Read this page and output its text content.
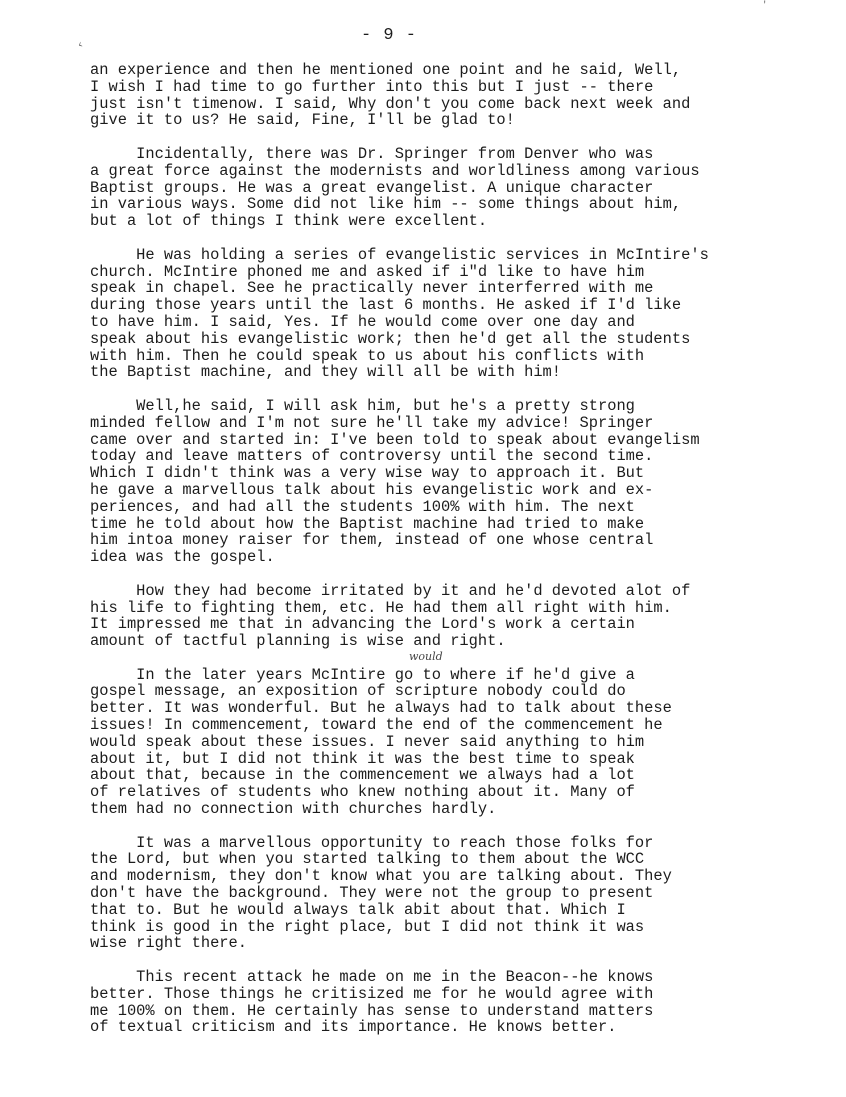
'
- 9 -
‹
would
an experience and then he mentioned one point and he said, Well,
I wish I had time to go further into this but I just -- there
just isn't timenow. I said, Why don't you come back next week and
give it to us? He said, Fine, I'll be glad to!
Incidentally, there was Dr. Springer from Denver who was
a great force against the modernists and worldliness among various
Baptist groups. He was a great evangelist. A unique character
in various ways. Some did not like him -- some things about him,
but a lot of things I think were excellent.
He was holding a series of evangelistic services in McIntire's
church. McIntire phoned me and asked if i"d like to have him
speak in chapel. See he practically never interferred with me
during those years until the last 6 months. He asked if I'd like
to have him. I said, Yes. If he would come over one day and
speak about his evangelistic work; then he'd get all the students
with him. Then he could speak to us about his conflicts with
the Baptist machine, and they will all be with him!
Well,he said, I will ask him, but he's a pretty strong
minded fellow and I'm not sure he'll take my advice! Springer
came over and started in: I've been told to speak about evangelism
today and leave matters of controversy until the second time.
Which I didn't think was a very wise way to approach it. But
he gave a marvellous talk about his evangelistic work and ex-
periences, and had all the students 100% with him. The next
time he told about how the Baptist machine had tried to make
him intoa money raiser for them, instead of one whose central
idea was the gospel.
How they had become irritated by it and he'd devoted alot of
his life to fighting them, etc. He had them all right with him.
It impressed me that in advancing the Lord's work a certain
amount of tactful planning is wise and right.
In the later years McIntire go to where if he'd give a
gospel message, an exposition of scripture nobody could do
better. It was wonderful. But he always had to talk about these
issues! In commencement, toward the end of the commencement he
would speak about these issues. I never said anything to him
about it, but I did not think it was the best time to speak
about that, because in the commencement we always had a lot
of relatives of students who knew nothing about it. Many of
them had no connection with churches hardly.
It was a marvellous opportunity to reach those folks for
the Lord, but when you started talking to them about the WCC
and modernism, they don't know what you are talking about. They
don't have the background. They were not the group to present
that to. But he would always talk abit about that. Which I
think is good in the right place, but I did not think it was
wise right there.
This recent attack he made on me in the Beacon--he knows
better. Those things he critisized me for he would agree with
me 100% on them. He certainly has sense to understand matters
of textual criticism and its importance. He knows better.
